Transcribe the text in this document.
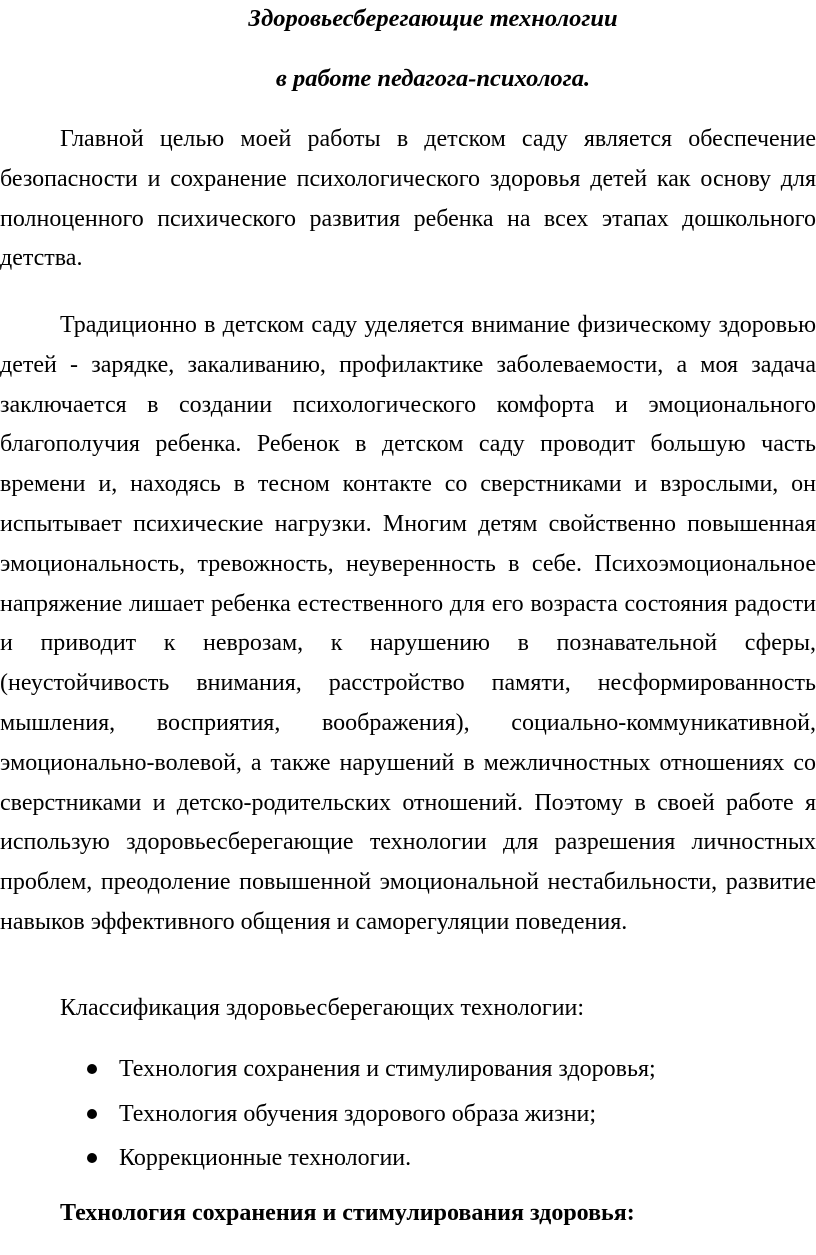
Здоровьесберегающие технологии
в работе педагога-психолога.

Главной целью моей работы в детском саду является обеспечение безопасности и сохранение психологического здоровья детей как основу для полноценного психического развития ребенка на всех этапах дошкольного детства.

Традиционно в детском саду уделяется внимание физическому здоровью детей - зарядке, закаливанию, профилактике заболеваемости, а моя задача заключается в создании психологического комфорта и эмоционального благополучия ребенка. Ребенок в детском саду проводит большую часть времени и, находясь в тесном контакте со сверстниками и взрослыми, он испытывает психические нагрузки. Многим детям свойственно повышенная эмоциональность, тревожность, неуверенность в себе. Психоэмоциональное напряжение лишает ребенка естественного для его возраста состояния радости и приводит к неврозам, к нарушению в познавательной сферы, (неустойчивость внимания, расстройство памяти, несформированность мышления, восприятия, воображения), социально-коммуникативной, эмоционально-волевой, а также нарушений в межличностных отношениях со сверстниками и детско-родительских отношений. Поэтому в своей работе я использую здоровьесберегающие технологии для разрешения личностных проблем, преодоление повышенной эмоциональной нестабильности, развитие навыков эффективного общения и саморегуляции поведения.

Классификация здоровьесберегающих технологии:
Технология сохранения и стимулирования здоровья;
Технология обучения здорового образа жизни;
Коррекционные технологии.
Технология сохранения и стимулирования здоровья:
